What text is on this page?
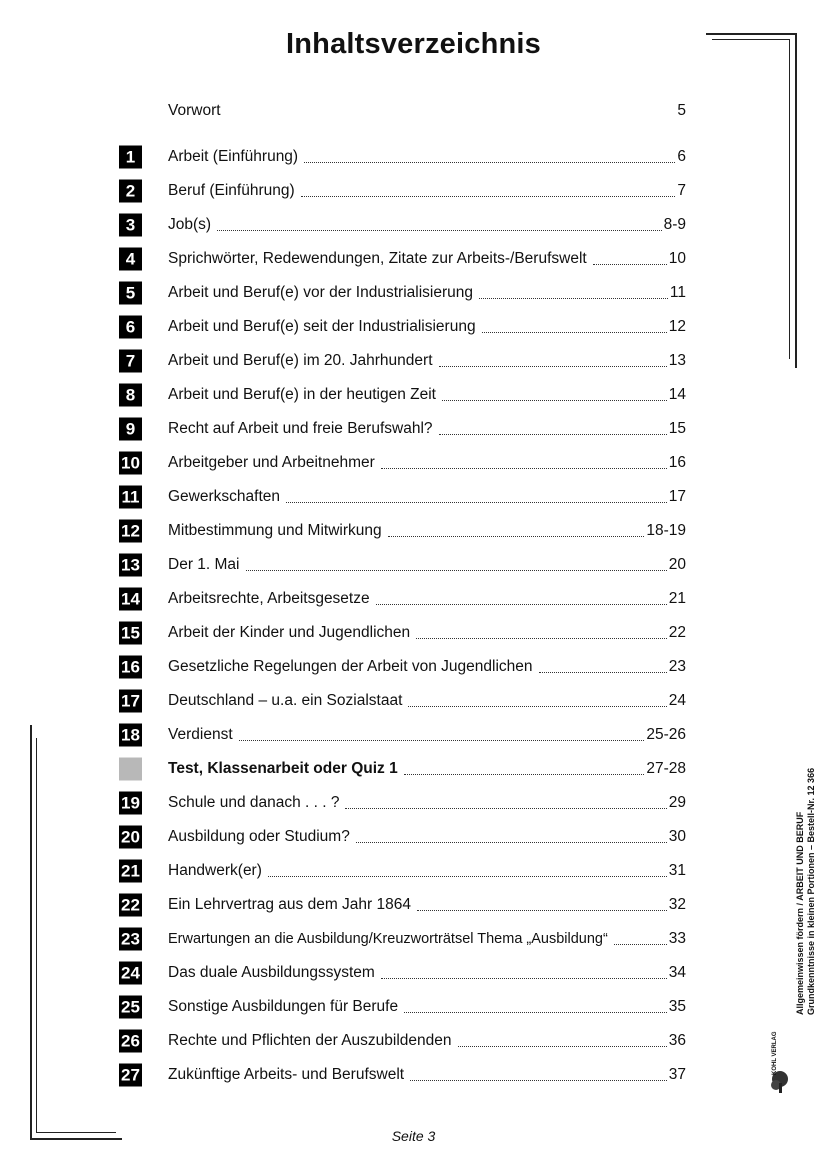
Inhaltsverzeichnis
Vorwort	5
1	Arbeit (Einführung)	6
2	Beruf (Einführung)	7
3	Job(s)	8-9
4	Sprichwörter, Redewendungen, Zitate zur Arbeits-/Berufswelt	10
5	Arbeit und Beruf(e) vor der Industrialisierung	11
6	Arbeit und Beruf(e) seit der Industrialisierung	12
7	Arbeit und Beruf(e) im 20. Jahrhundert	13
8	Arbeit und Beruf(e) in der heutigen Zeit	14
9	Recht auf Arbeit und freie Berufswahl?	15
10 Arbeitgeber und Arbeitnehmer	16
11 Gewerkschaften	17
12 Mitbestimmung und Mitwirkung	18-19
13 Der 1. Mai	20
14 Arbeitsrechte, Arbeitsgesetze	21
15 Arbeit der Kinder und Jugendlichen	22
16 Gesetzliche Regelungen der Arbeit von Jugendlichen	23
17 Deutschland – u.a. ein Sozialstaat	24
18 Verdienst	25-26
Test, Klassenarbeit oder Quiz 1	27-28
19 Schule und danach . . . ?	29
20 Ausbildung oder Studium?	30
21 Handwerk(er)	31
22 Ein Lehrvertrag aus dem Jahr 1864	32
23 Erwartungen an die Ausbildung/Kreuzworträtsel Thema „Ausbildung“	33
24 Das duale Ausbildungssystem	34
25 Sonstige Ausbildungen für Berufe	35
26 Rechte und Pflichten der Auszubildenden	36
27 Zukünftige Arbeits- und Berufswelt	37
Seite 3
Allgemeinwissen fördern / ARBEIT UND BERUF Grundkenntnisse in kleinen Portionen – Bestell-Nr. 12 366
KOHL VERLAG
